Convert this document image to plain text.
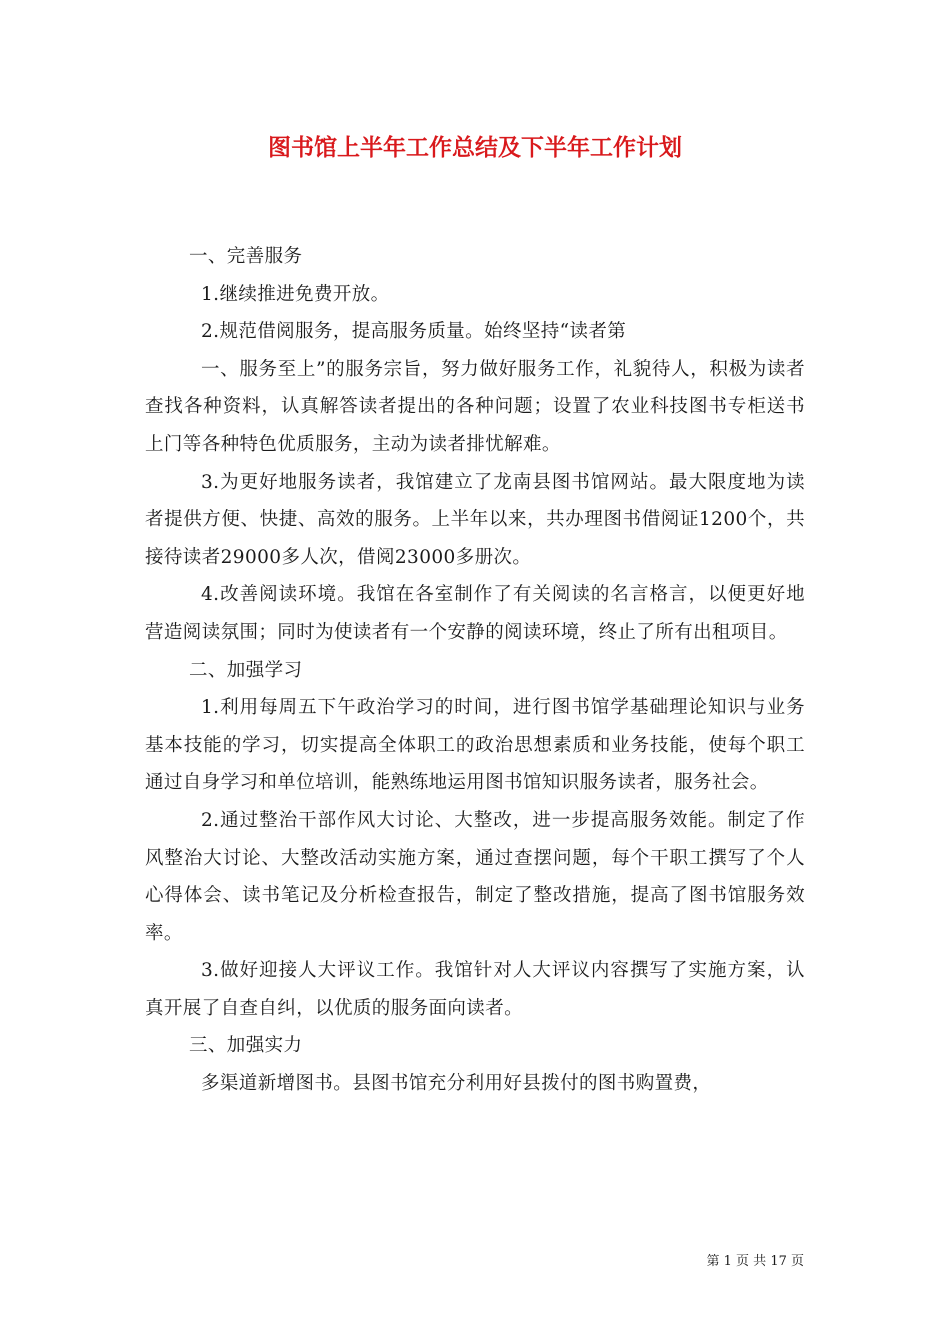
图书馆上半年工作总结及下半年工作计划

一、完善服务

1.继续推进免费开放。

2.规范借阅服务，提高服务质量。始终坚持“读者第

一、服务至上”的服务宗旨，努力做好服务工作，礼貌待人，积极为读者查找各种资料，认真解答读者提出的各种问题；设置了农业科技图书专柜送书上门等各种特色优质服务，主动为读者排忧解难。

3.为更好地服务读者，我馆建立了龙南县图书馆网站。最大限度地为读者提供方便、快捷、高效的服务。上半年以来，共办理图书借阅证1200个，共接待读者29000多人次，借阅23000多册次。

4.改善阅读环境。我馆在各室制作了有关阅读的名言格言，以便更好地营造阅读氛围；同时为使读者有一个安静的阅读环境，终止了所有出租项目。

二、加强学习

1.利用每周五下午政治学习的时间，进行图书馆学基础理论知识与业务基本技能的学习，切实提高全体职工的政治思想素质和业务技能，使每个职工通过自身学习和单位培训，能熟练地运用图书馆知识服务读者，服务社会。

2.通过整治干部作风大讨论、大整改，进一步提高服务效能。制定了作风整治大讨论、大整改活动实施方案，通过查摆问题，每个干职工撰写了个人心得体会、读书笔记及分析检查报告，制定了整改措施，提高了图书馆服务效率。

3.做好迎接人大评议工作。我馆针对人大评议内容撰写了实施方案，认真开展了自查自纠，以优质的服务面向读者。

三、加强实力

多渠道新增图书。县图书馆充分利用好县拨付的图书购置费，

第 1 页 共 17 页
